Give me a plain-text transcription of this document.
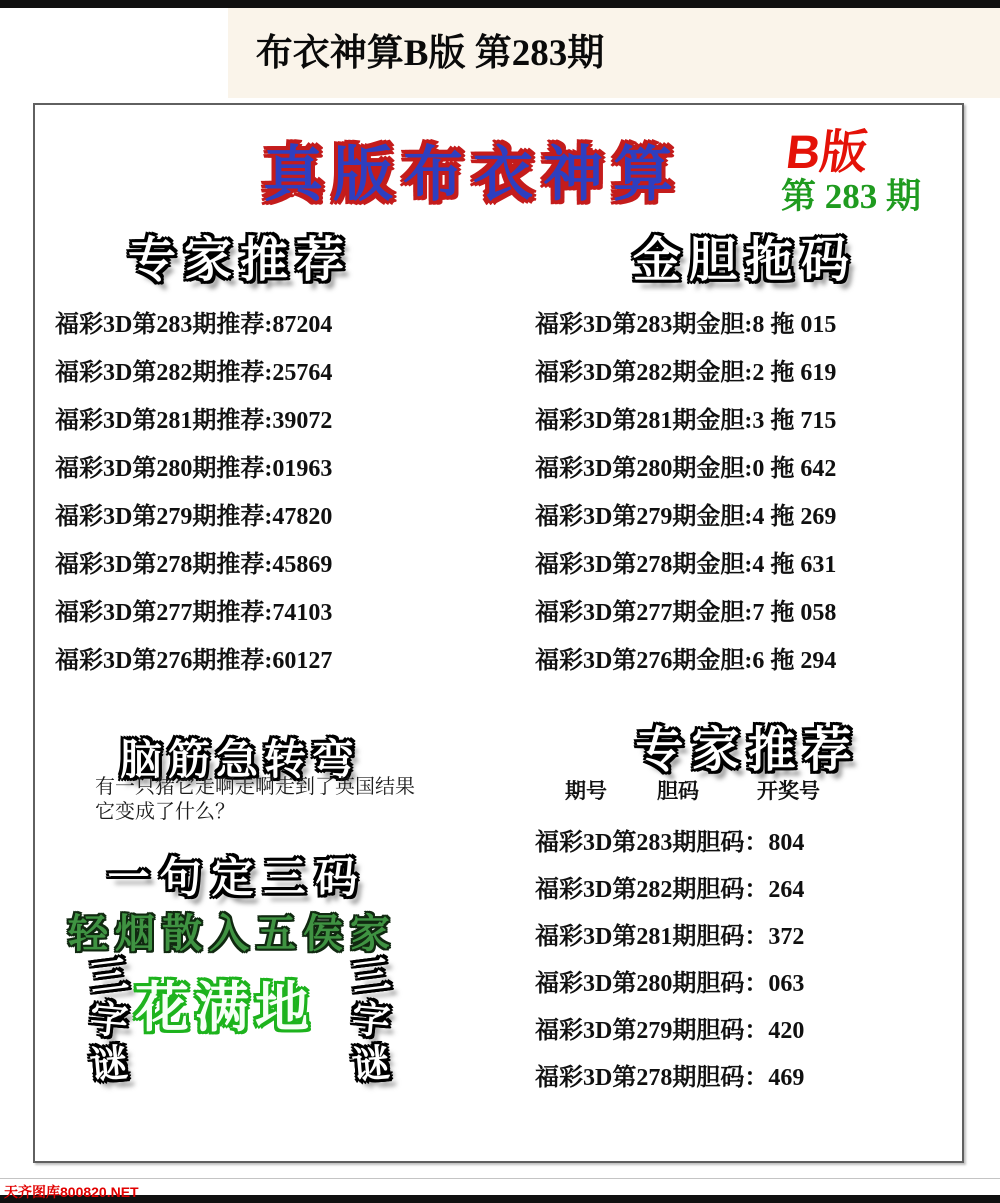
布衣神算B版 第283期
真版布衣神算 B版
第 283 期
专家推荐	金胆拖码
福彩3D第283期推荐:87204
福彩3D第282期推荐:25764
福彩3D第281期推荐:39072
福彩3D第280期推荐:01963
福彩3D第279期推荐:47820
福彩3D第278期推荐:45869
福彩3D第277期推荐:74103
福彩3D第276期推荐:60127
福彩3D第283期金胆:8 拖 015
福彩3D第282期金胆:2 拖 619
福彩3D第281期金胆:3 拖 715
福彩3D第280期金胆:0 拖 642
福彩3D第279期金胆:4 拖 269
福彩3D第278期金胆:4 拖 631
福彩3D第277期金胆:7 拖 058
福彩3D第276期金胆:6 拖 294
脑筋急转弯
有一只猪它走啊走啊走到了英国结果它变成了什么？
一句定三码
轻烟散入五侯家
三
字
谜
花满地
三
字
谜
专家推荐
期号 胆码	开奖号
福彩3D第283期胆码：804
福彩3D第282期胆码：264
福彩3D第281期胆码：372
福彩3D第280期胆码：063
福彩3D第279期胆码：420
福彩3D第278期胆码：469
天齐图库800820.NET
